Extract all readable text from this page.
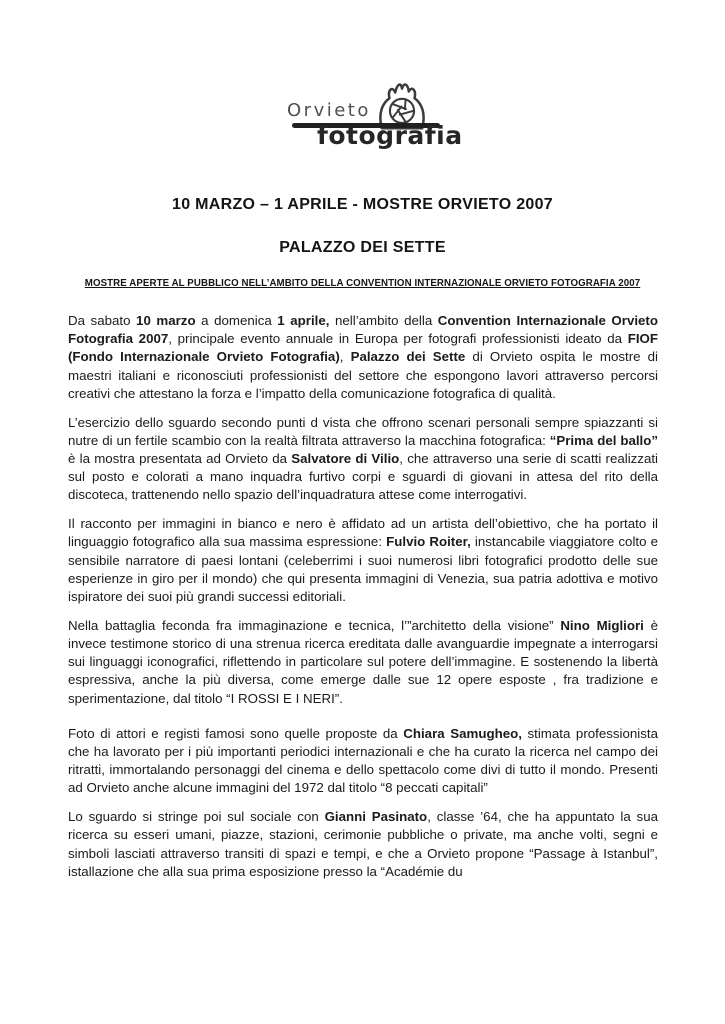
Orvieto
fotografia
10 MARZO – 1 APRILE - MOSTRE ORVIETO 2007
PALAZZO DEI SETTE
MOSTRE APERTE AL PUBBLICO NELL’AMBITO DELLA CONVENTION INTERNAZIONALE ORVIETO FOTOGRAFIA 2007

Da sabato 10 marzo a domenica 1 aprile, nell’ambito della Convention Internazionale Orvieto Fotografia 2007, principale evento annuale in Europa per fotografi professionisti ideato da FIOF (Fondo Internazionale Orvieto Fotografia), Palazzo dei Sette di Orvieto ospita le mostre di maestri italiani e riconosciuti professionisti del settore che espongono lavori attraverso percorsi creativi che attestano la forza e l’impatto della comunicazione fotografica di qualità.

L’esercizio dello sguardo secondo punti d vista che offrono scenari personali sempre spiazzanti si nutre di un fertile scambio con la realtà filtrata attraverso la macchina fotografica: “Prima del ballo” è la mostra presentata ad Orvieto da Salvatore di Vilio, che attraverso una serie di scatti realizzati sul posto e colorati a mano inquadra furtivo corpi e sguardi di giovani in attesa del rito della discoteca, trattenendo nello spazio dell’inquadratura attese come interrogativi.

Il racconto per immagini in bianco e nero è affidato ad un artista dell’obiettivo, che ha portato il linguaggio fotografico alla sua massima espressione: Fulvio Roiter, instancabile viaggiatore colto e sensibile narratore di paesi lontani (celeberrimi i suoi numerosi libri fotografici prodotto delle sue esperienze in giro per il mondo) che qui presenta immagini di Venezia, sua patria adottiva e motivo ispiratore dei suoi più grandi successi editoriali.

Nella battaglia feconda fra immaginazione e tecnica, l’”architetto della visione” Nino Migliori è invece testimone storico di una strenua ricerca ereditata dalle avanguardie impegnate a interrogarsi sui linguaggi iconografici, riflettendo in particolare sul potere dell’immagine. E sostenendo la libertà espressiva, anche la più diversa, come emerge dalle sue 12 opere esposte , fra tradizione e sperimentazione, dal titolo “I ROSSI E I NERI”.

Foto di attori e registi famosi sono quelle proposte da Chiara Samugheo, stimata professionista che ha lavorato per i più importanti periodici internazionali e che ha curato la ricerca nel campo dei ritratti, immortalando personaggi del cinema e dello spettacolo come divi di tutto il mondo. Presenti ad Orvieto anche alcune immagini del 1972 dal titolo “8 peccati capitali”

Lo sguardo si stringe poi sul sociale con Gianni Pasinato, classe ’64, che ha appuntato la sua ricerca su esseri umani, piazze, stazioni, cerimonie pubbliche o private, ma anche volti, segni e simboli lasciati attraverso transiti di spazi e tempi, e che a Orvieto propone “Passage à Istanbul”, istallazione che alla sua prima esposizione presso la “Académie du
